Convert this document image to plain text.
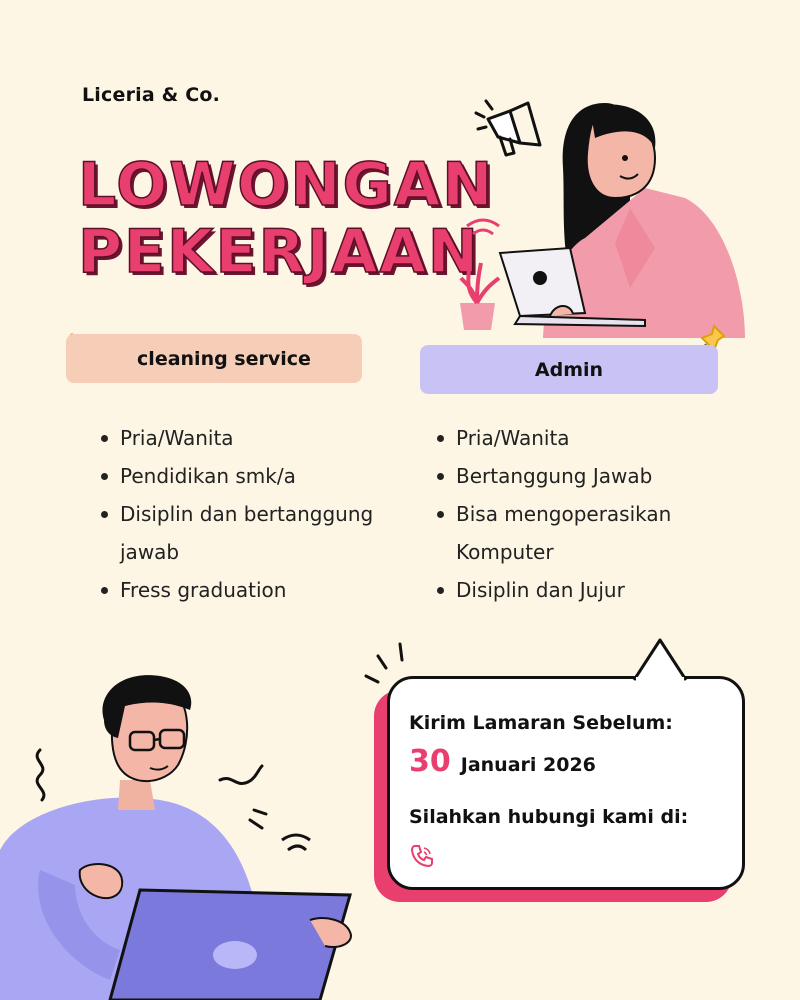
Liceria & Co.
LOWONGAN
PEKERJAAN
cleaning service	Admin
Pria/Wanita
Pendidikan smk/a
Disiplin dan bertanggung jawab
Fress graduation
Pria/Wanita
Bertanggung Jawab
Bisa mengoperasikan Komputer
Disiplin dan Jujur
Kirim Lamaran Sebelum:
30 Januari 2026
Silahkan hubungi kami di:
